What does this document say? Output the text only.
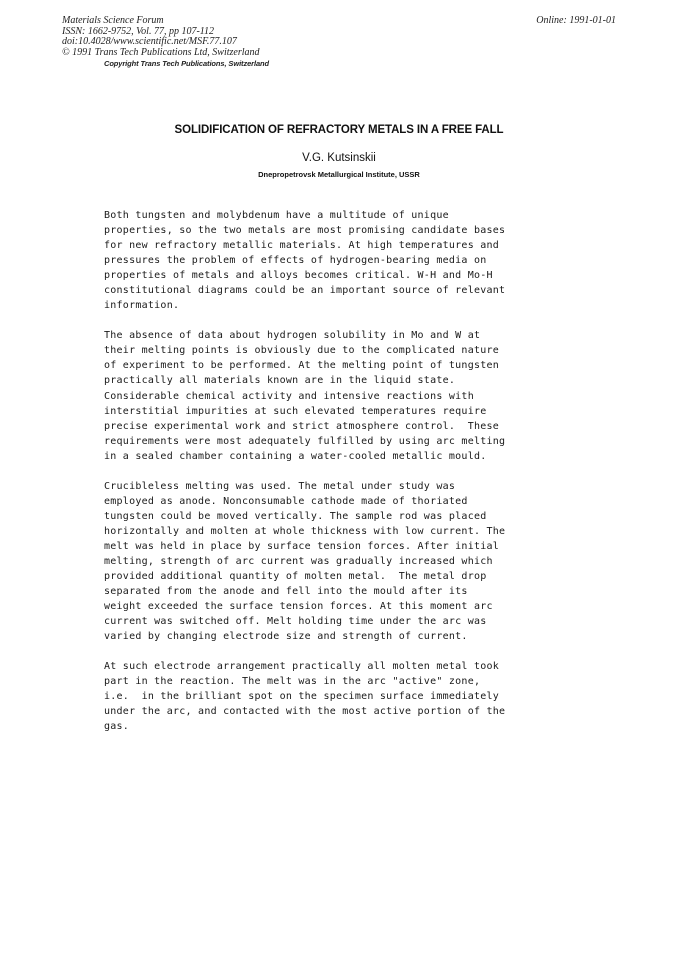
Materials Science Forum
ISSN: 1662-9752, Vol. 77, pp 107-112
doi:10.4028/www.scientific.net/MSF.77.107
© 1991 Trans Tech Publications Ltd, Switzerland
Copyright Trans Tech Publications, Switzerland
Online: 1991-01-01
SOLIDIFICATION OF REFRACTORY METALS IN A FREE FALL
V.G. Kutsinskii
Dnepropetrovsk Metallurgical Institute, USSR
Both tungsten and molybdenum have a multitude of unique
properties, so the two metals are most promising candidate bases
for new refractory metallic materials. At high temperatures and
pressures the problem of effects of hydrogen-bearing media on
properties of metals and alloys becomes critical. W-H and Mo-H
constitutional diagrams could be an important source of relevant
information.
The absence of data about hydrogen solubility in Mo and W at
their melting points is obviously due to the complicated nature
of experiment to be performed. At the melting point of tungsten
practically all materials known are in the liquid state.
Considerable chemical activity and intensive reactions with
interstitial impurities at such elevated temperatures require
precise experimental work and strict atmosphere control.  These
requirements were most adequately fulfilled by using arc melting
in a sealed chamber containing a water-cooled metallic mould.
Crucibleless melting was used. The metal under study was
employed as anode. Nonconsumable cathode made of thoriated
tungsten could be moved vertically. The sample rod was placed
horizontally and molten at whole thickness with low current. The
melt was held in place by surface tension forces. After initial
melting, strength of arc current was gradually increased which
provided additional quantity of molten metal.  The metal drop
separated from the anode and fell into the mould after its
weight exceeded the surface tension forces. At this moment arc
current was switched off. Melt holding time under the arc was
varied by changing electrode size and strength of current.
At such electrode arrangement practically all molten metal took
part in the reaction. The melt was in the arc "active" zone,
i.e.  in the brilliant spot on the specimen surface immediately
under the arc, and contacted with the most active portion of the
gas.
